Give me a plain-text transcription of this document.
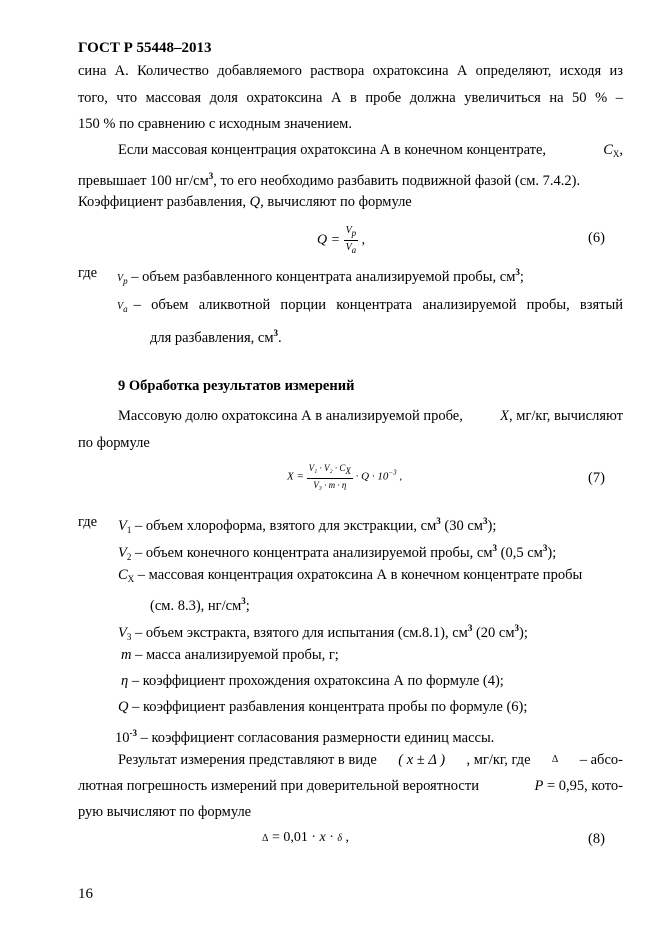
ГОСТ Р 55448–2013
сина А. Количество добавляемого раствора охратоксина А определяют, исходя из
того, что массовая доля охратоксина А в пробе должна увеличиться на 50 % –
150 % по сравнению с исходным значением.
Если массовая концентрация охратоксина А в конечном концентрате,	$C_X$,
превышает 100 $нг/см^3$, то его необходимо разбавить подвижной фазой (см. 7.4.2).
Коэффициент разбавления, Q, вычисляют по формуле
$Q = \frac{Vp}{Va}$ ,	(6)
где $V_p$ – объем разбавленного концентрата анализируемой пробы, $см^3$;
$V_a$ – объем аликвотной порции концентрата анализируемой пробы, взятый
для разбавления, $см^3$.
9 Обработка результатов измерений
Массовую долю охратоксина А в анализируемой пробе,	X, мг/кг, вычисляют
по формуле
$X = \frac{\text{V₁ · V₂ · CX}}{\text{V₃ · m · η}} \cdot Q \cdot 10^{-3}$ ,	(7)
где $V_1$ – объем хлороформа, взятого для экстракции, $см^3$ (30 $см^3$);
$V_2$ – объем конечного концентрата анализируемой пробы, $см^3$ (0,5 $см^3$);
$C_X$ – массовая концентрация охратоксина А в конечном концентрате пробы
(см. 8.3), $нг/см^3$;
$V_3$ – объем экстракта, взятого для испытания (см.8.1), $см^3$ (20 $см^3$);
m – масса анализируемой пробы, г;
η – коэффициент прохождения охратоксина А по формуле (4);
Q – коэффициент разбавления концентрата пробы по формуле (6);
$10^{-3}$ – коэффициент согласования размерности единиц массы.
Результат измерения представляют в виде ( x ± Δ ) , мг/кг, где Δ – абсо-
лютная погрешность измерений при доверительной вероятности	P = 0,95, кото-
рую вычисляют по формуле
Δ = 0,01 · x · δ ,	(8)
16
